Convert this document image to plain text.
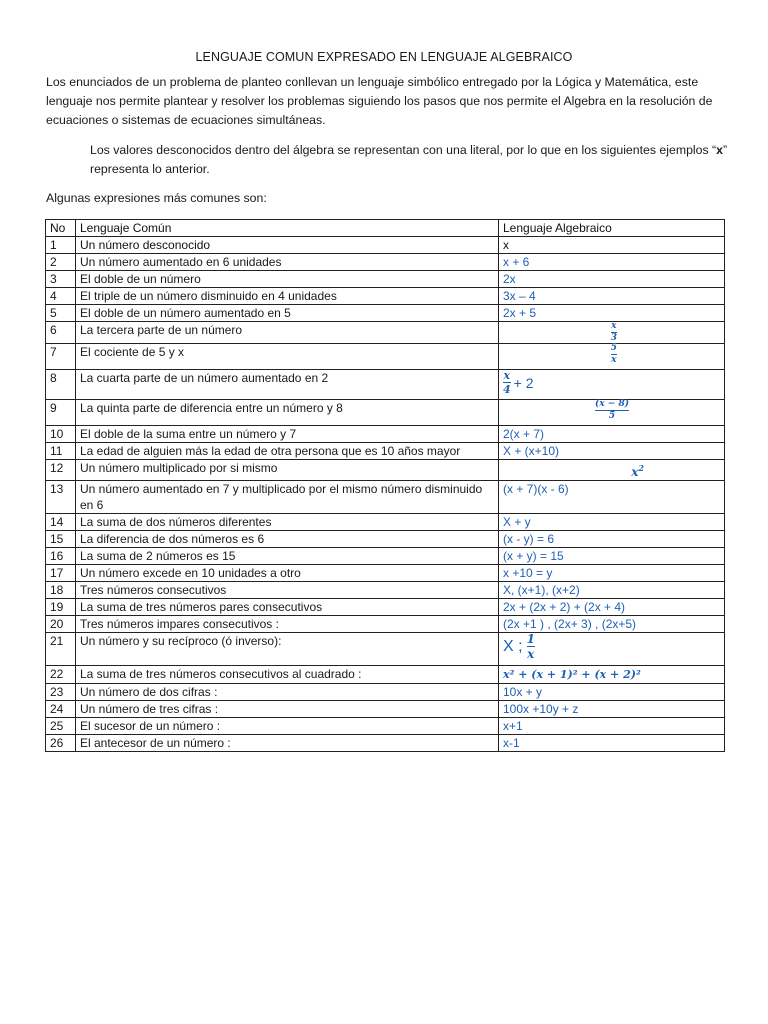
LENGUAJE COMUN EXPRESADO EN LENGUAJE ALGEBRAICO
Los enunciados de un problema de planteo conllevan un lenguaje simbólico entregado por la Lógica y Matemática, este lenguaje nos permite plantear y resolver los problemas siguiendo los pasos que nos permite el Algebra en la resolución de ecuaciones o sistemas de ecuaciones simultáneas.
Los valores desconocidos dentro del álgebra se representan con una literal, por lo que en los siguientes ejemplos “x” representa lo anterior.
Algunas expresiones más comunes son:
No	Lenguaje Común	Lenguaje Algebraico
1	Un número desconocido	x
2	Un número aumentado en 6 unidades	x + 6
3	El doble de un número	2x
4	El triple de un número disminuido en 4 unidades	3x – 4
5	El doble de un número aumentado en 5	2x + 5
6	La tercera parte de un número	$\frac{x}{3}$

7	El cociente de 5 y x	$\frac{5}{x}$

8	La cuarta parte de un número aumentado en 2	$\frac{x}{4} + 2$
9	La quinta parte de diferencia entre un número y 8	$\frac{(x - 8)}{5}$

10	El doble de la suma entre un número y 7	2(x + 7)
11	La edad de alguien más la edad de otra persona que es 10 años mayor	X + (x+10)
12	Un número multiplicado por si mismo	$x^2$
13	Un número aumentado en 7 y multiplicado por el mismo número disminuido en 6	(x + 7)(x - 6)
14	La suma de dos números diferentes	X + y
15	La diferencia de dos números es 6	(x - y) = 6
16	La suma de 2 números es 15	(x + y) = 15
17	Un número excede en 10 unidades a otro	x +10 = y
18	Tres números consecutivos	X, (x+1), (x+2)
19	La suma de tres números pares consecutivos	2x + (2x + 2) + (2x + 4)
20	Tres números impares consecutivos :	(2x +1 ) , (2x+ 3) , (2x+5)
21	Un número y su recíproco (ó inverso):	X ; $\frac{1}{x}$

22	La suma de tres números consecutivos al cuadrado :	x² + (x + 1)² + (x + 2)²
23	Un número de dos cifras :	10x + y
24	Un número de tres cifras :	100x +10y + z
25	El sucesor de un número :	x+1
26	El antecesor de un número :	x-1
